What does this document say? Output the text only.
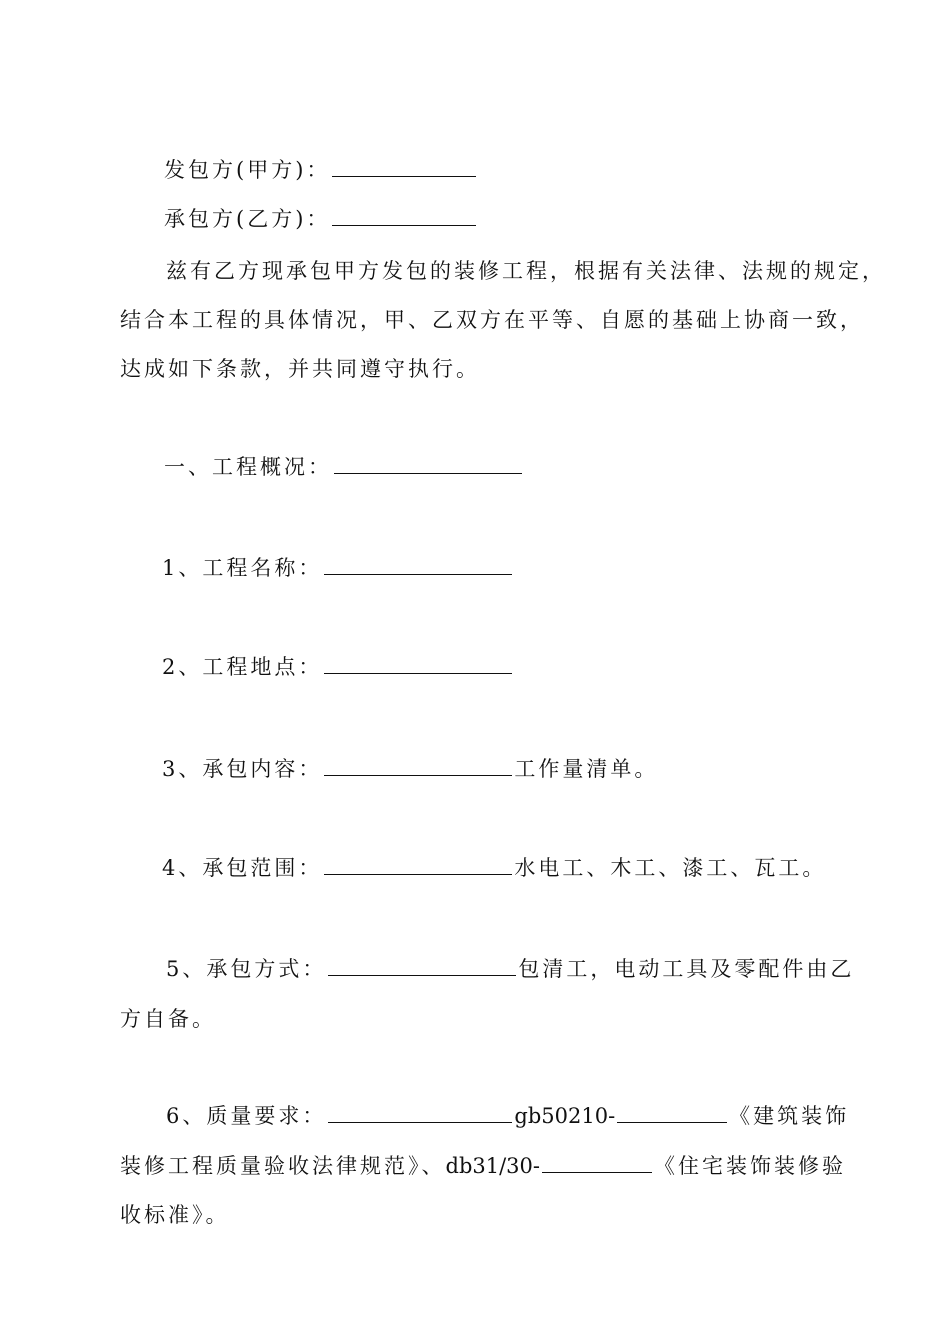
发包方(甲方)：
承包方(乙方)：
兹有乙方现承包甲方发包的装修工程，根据有关法律、法规的规定，
结合本工程的具体情况，甲、乙双方在平等、自愿的基础上协商一致，
达成如下条款，并共同遵守执行。
一、工程概况：
1、工程名称：
2、工程地点：
3、承包内容：	工作量清单。
4、承包范围：	水电工、木工、漆工、瓦工。
5、承包方式：	包清工，电动工具及零配件由乙
方自备。
6、质量要求：	gb50210-	《建筑装饰
装修工程质量验收法律规范》、db31/30-	《住宅装饰装修验
收标准》。
